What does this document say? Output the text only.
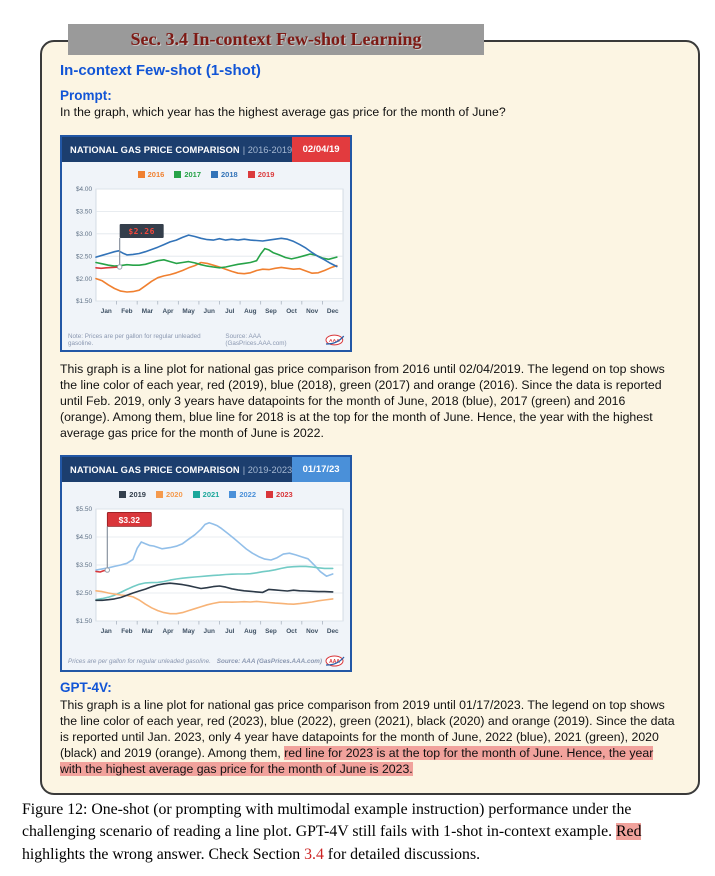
Sec. 3.4 In-context Few-shot Learning
In-context Few-shot (1-shot)
Prompt:
In the graph, which year has the highest average gas price for the month of June?
NATIONAL GAS PRICE COMPARISON | 2016-2019	02/04/19
2016	2017	2018	2019
$4.00
$3.50
$3.00
$2.50
$2.00
$1.50
Jan Feb Mar Apr May Jun Jul Aug Sep Oct Nov Dec
$2.26
Note: Prices are per gallon for regular unleaded gasoline.
Source: AAA (GasPrices.AAA.com)	AAA
This graph is a line plot for national gas price comparison from 2016 until 02/04/2019. The legend on top shows the line color of each year, red (2019), blue (2018), green (2017) and orange (2016). Since the data is reported until Feb. 2019, only 3 years have datapoints for the month of June, 2018 (blue), 2017 (green) and 2016 (orange). Among them, blue line for 2018 is at the top for the month of June. Hence, the year with the highest average gas price for the month of June is 2022.
NATIONAL GAS PRICE COMPARISON | 2019-2023	01/17/23
2019	2020	2021	2022	2023
$5.50
$4.50
$3.50
$2.50
$1.50
Jan Feb Mar Apr May Jun Jul Aug Sep Oct Nov Dec
$3.32
Prices are per gallon for regular unleaded gasoline. Source: AAA (GasPrices.AAA.com) AAA
GPT-4V:
This graph is a line plot for national gas price comparison from 2019 until 01/17/2023. The legend on top shows the line color of each year, red (2023), blue (2022), green (2021), black (2020) and orange (2019). Since the data is reported until Jan. 2023, only 4 year have datapoints for the month of June, 2022 (blue), 2021 (green), 2020 (black) and 2019 (orange). Among them, red line for 2023 is at the top for the month of June. Hence, the year with the highest average gas price for the month of June is 2023.
Figure 12: One-shot (or prompting with multimodal example instruction) performance under the challenging scenario of reading a line plot. GPT-4V still fails with 1-shot in-context example. Red highlights the wrong answer. Check Section 3.4 for detailed discussions.
